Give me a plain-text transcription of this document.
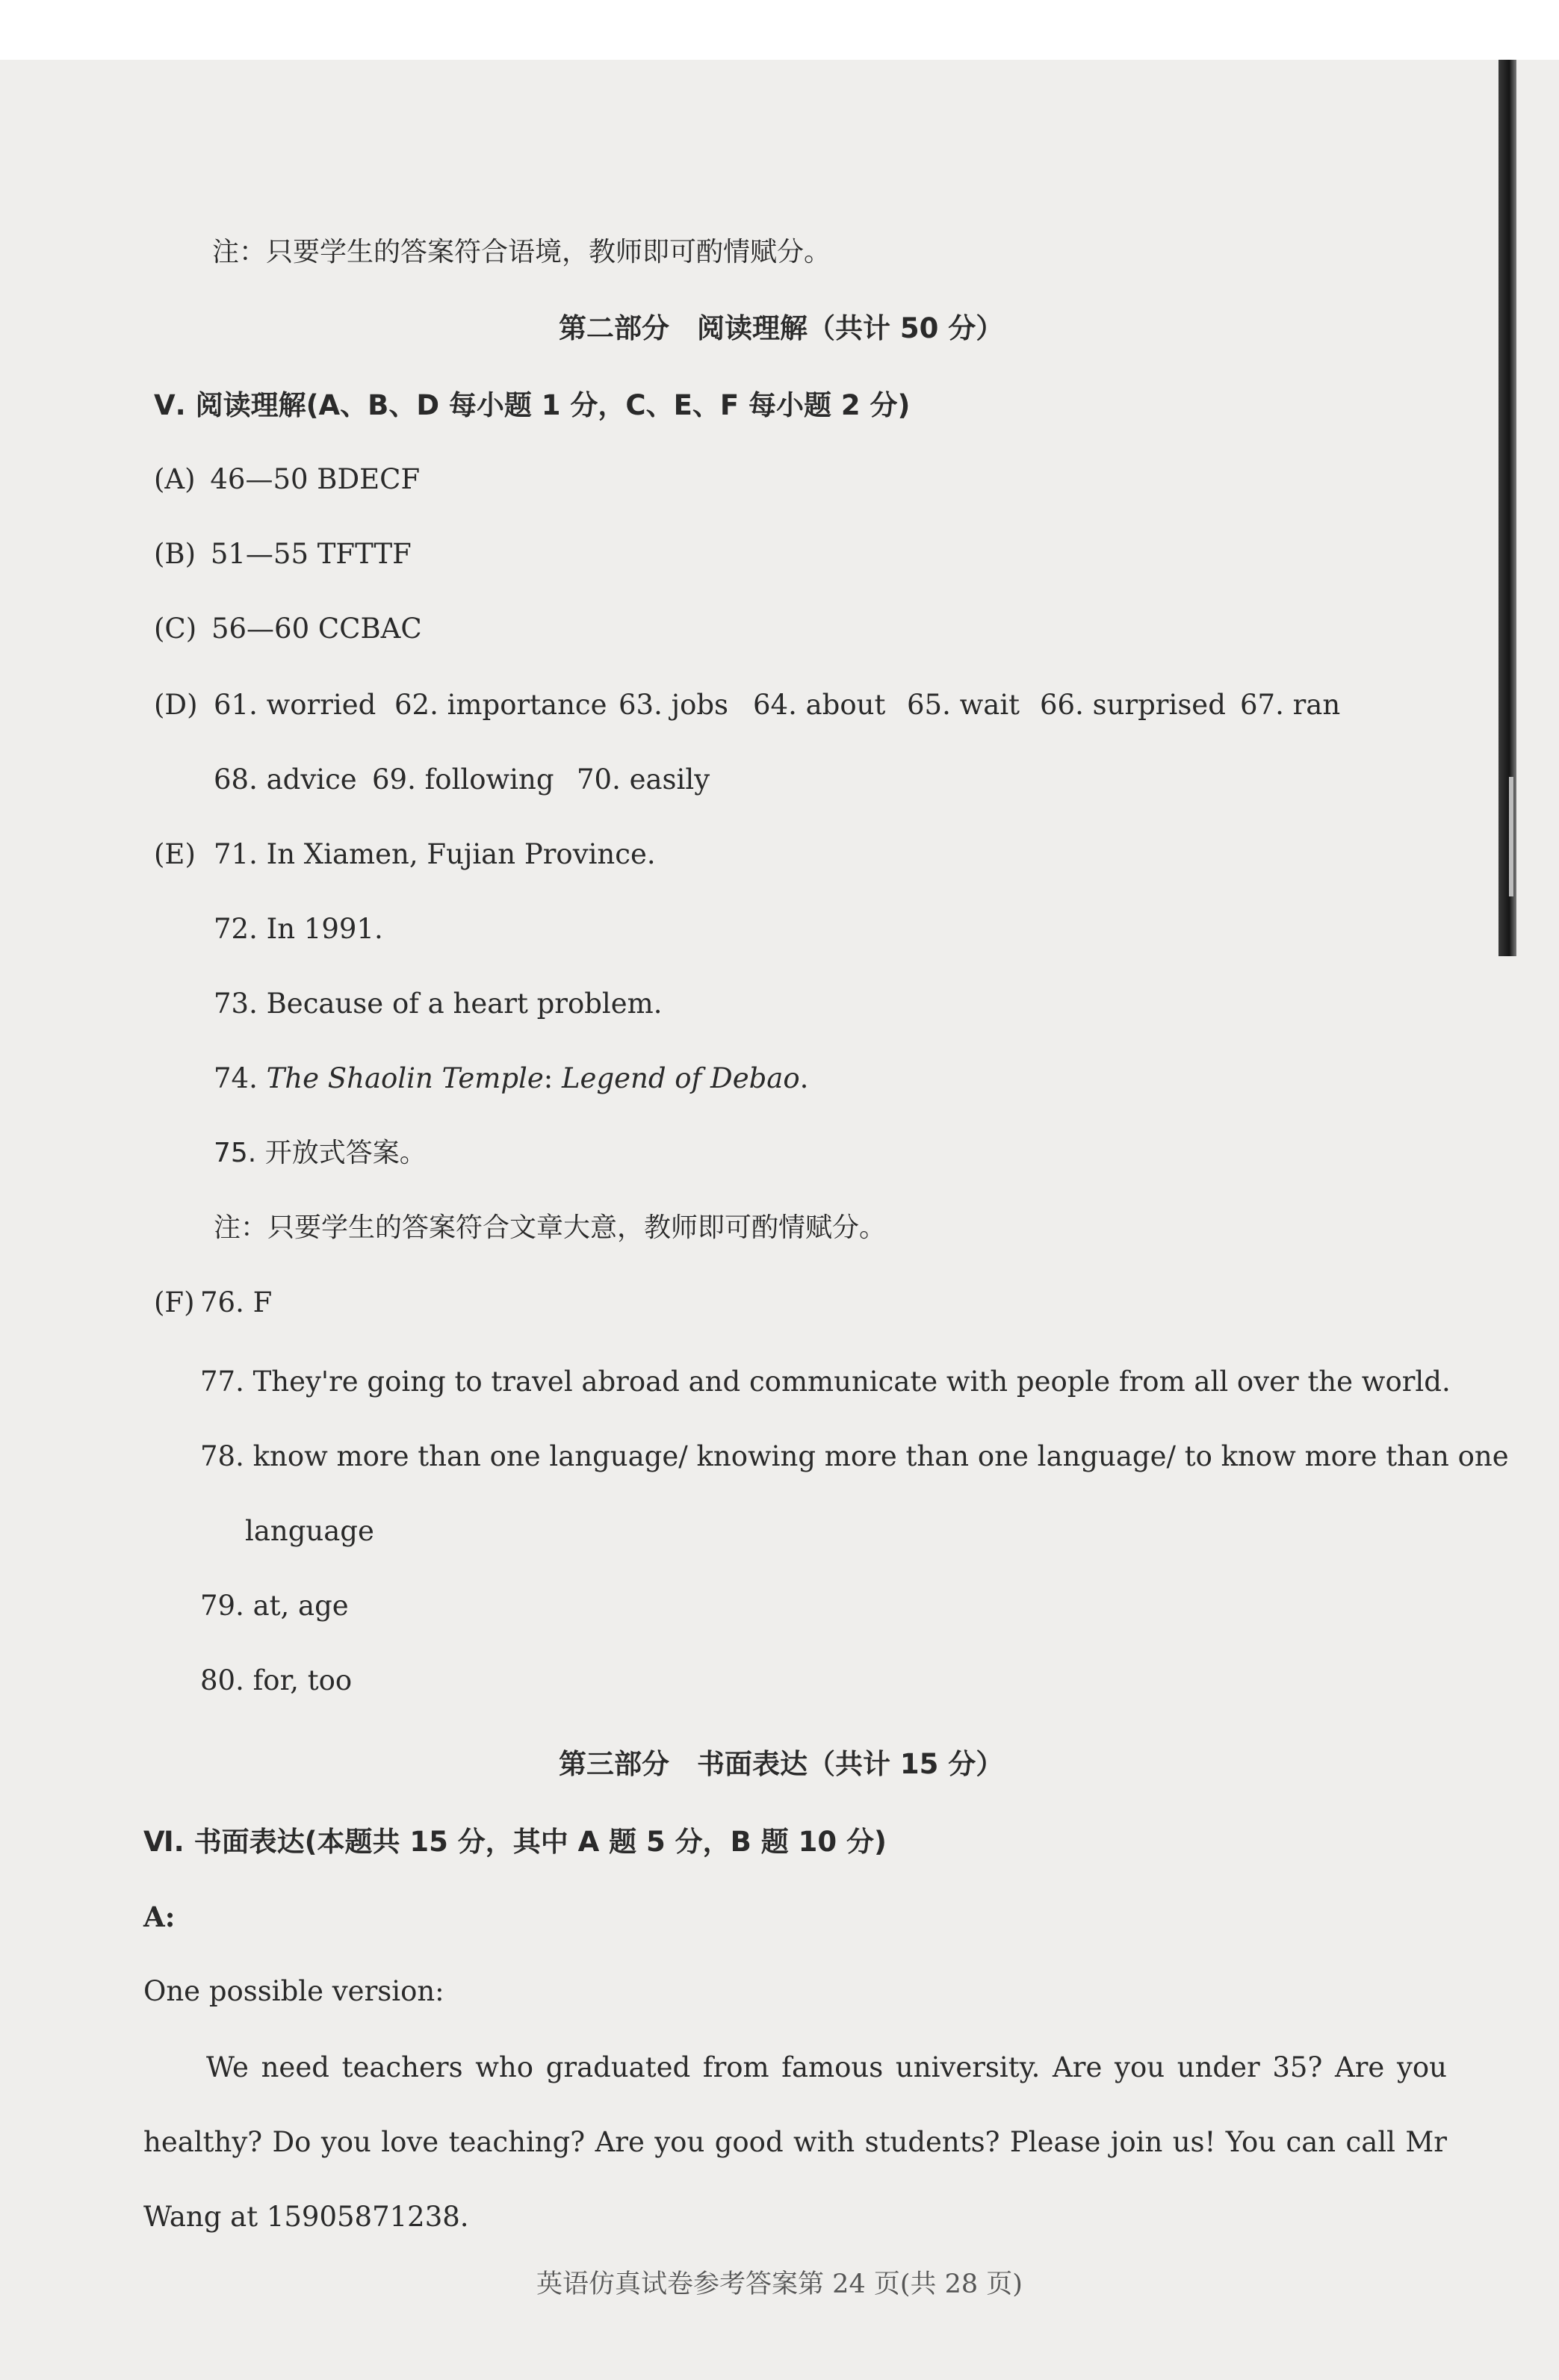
注：只要学生的答案符合语境，教师即可酌情赋分。
第二部分　阅读理解（共计 50 分）
Ⅴ. 阅读理解(A、B、D 每小题 1 分，C、E、F 每小题 2 分)
(A) 46—50 BDECF
(B) 51—55 TFTTF
(C) 56—60 CCBAC
(D) 61. worried 62. importance 63. jobs 64. about 65. wait 66. surprised 67. ran
68. advice 69. following 70. easily
(E) 71. In Xiamen, Fujian Province.
72. In 1991.
73. Because of a heart problem.
74. The Shaolin Temple: Legend of Debao.
75. 开放式答案。
注：只要学生的答案符合文章大意，教师即可酌情赋分。
(F) 76. F
77. They're going to travel abroad and communicate with people from all over the world.
78. know more than one language/ knowing more than one language/ to know more than one
language
79. at, age
80. for, too
第三部分　书面表达（共计 15 分）
Ⅵ. 书面表达(本题共 15 分，其中 A 题 5 分，B 题 10 分)
A:
One possible version:
We need teachers who graduated from famous university. Are you under 35? Are you healthy? Do you love teaching? Are you good with students? Please join us! You can call Mr Wang at 15905871238.
英语仿真试卷参考答案第 24 页(共 28 页)
